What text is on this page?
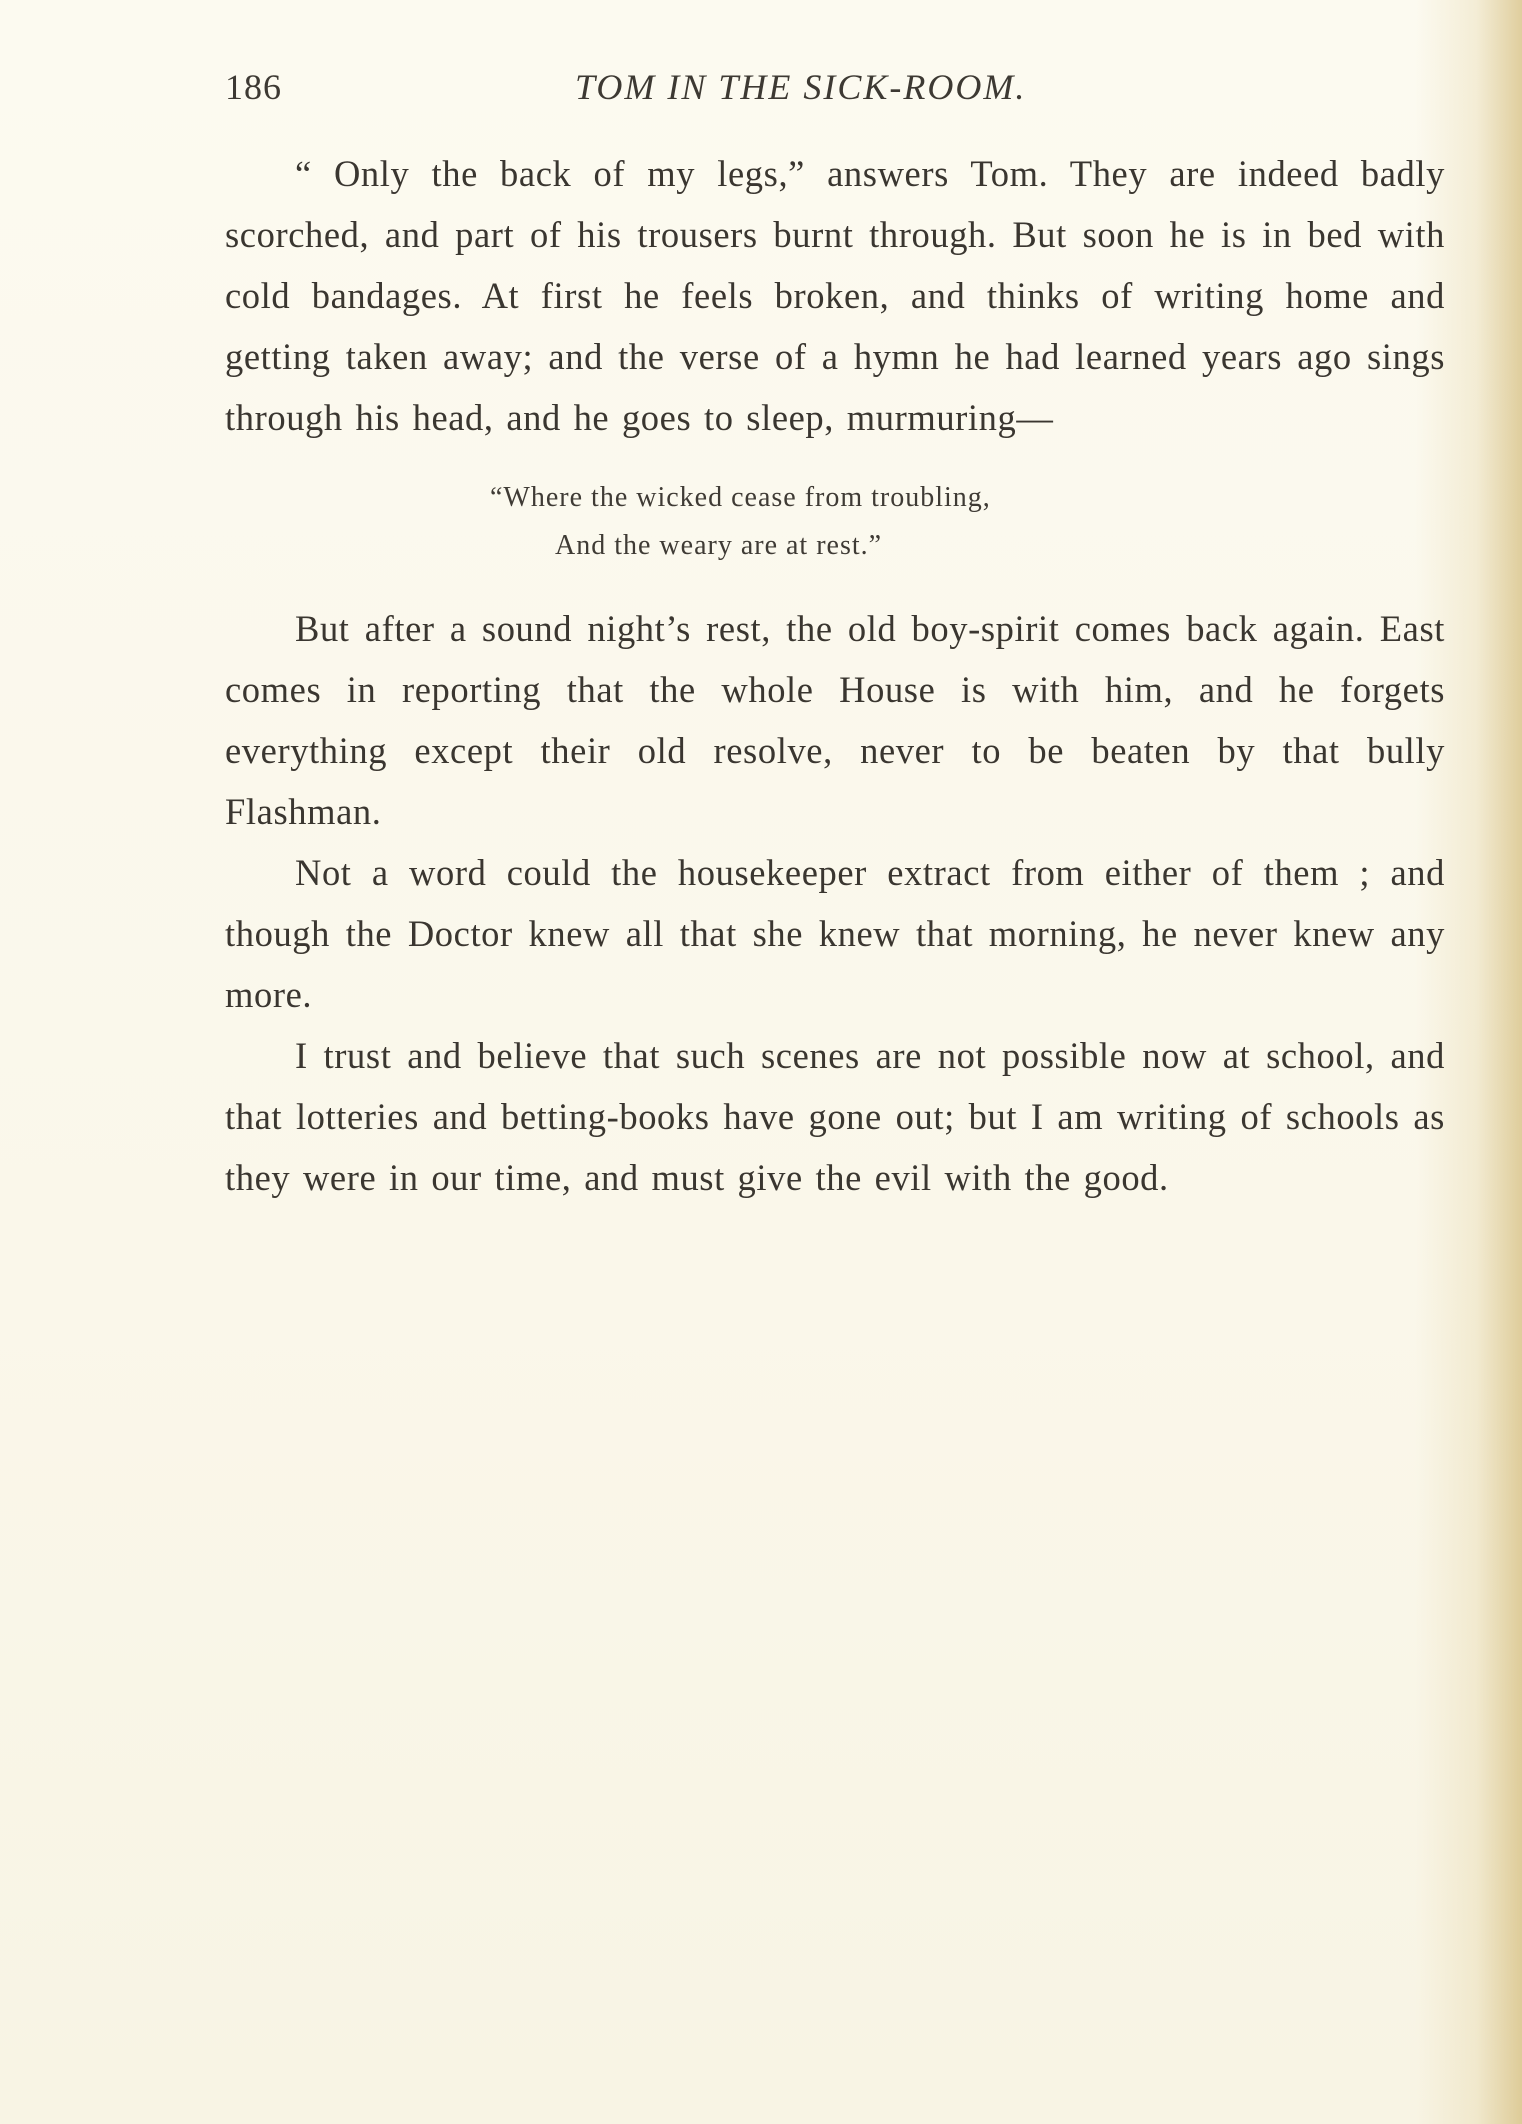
186	TOM IN THE SICK-ROOM.

“ Only the back of my legs,” answers Tom. They are indeed badly scorched, and part of his trousers burnt through. But soon he is in bed with cold bandages. At first he feels broken, and thinks of writing home and getting taken away; and the verse of a hymn he had learned years ago sings through his head, and he goes to sleep, murmuring—

“Where the wicked cease from troubling,
And the weary are at rest.”

But after a sound night’s rest, the old boy-spirit comes back again. East comes in reporting that the whole House is with him, and he forgets everything except their old resolve, never to be beaten by that bully Flashman.

Not a word could the housekeeper extract from either of them ; and though the Doctor knew all that she knew that morning, he never knew any more.

I trust and believe that such scenes are not possible now at school, and that lotteries and betting-books have gone out; but I am writing of schools as they were in our time, and must give the evil with the good.
